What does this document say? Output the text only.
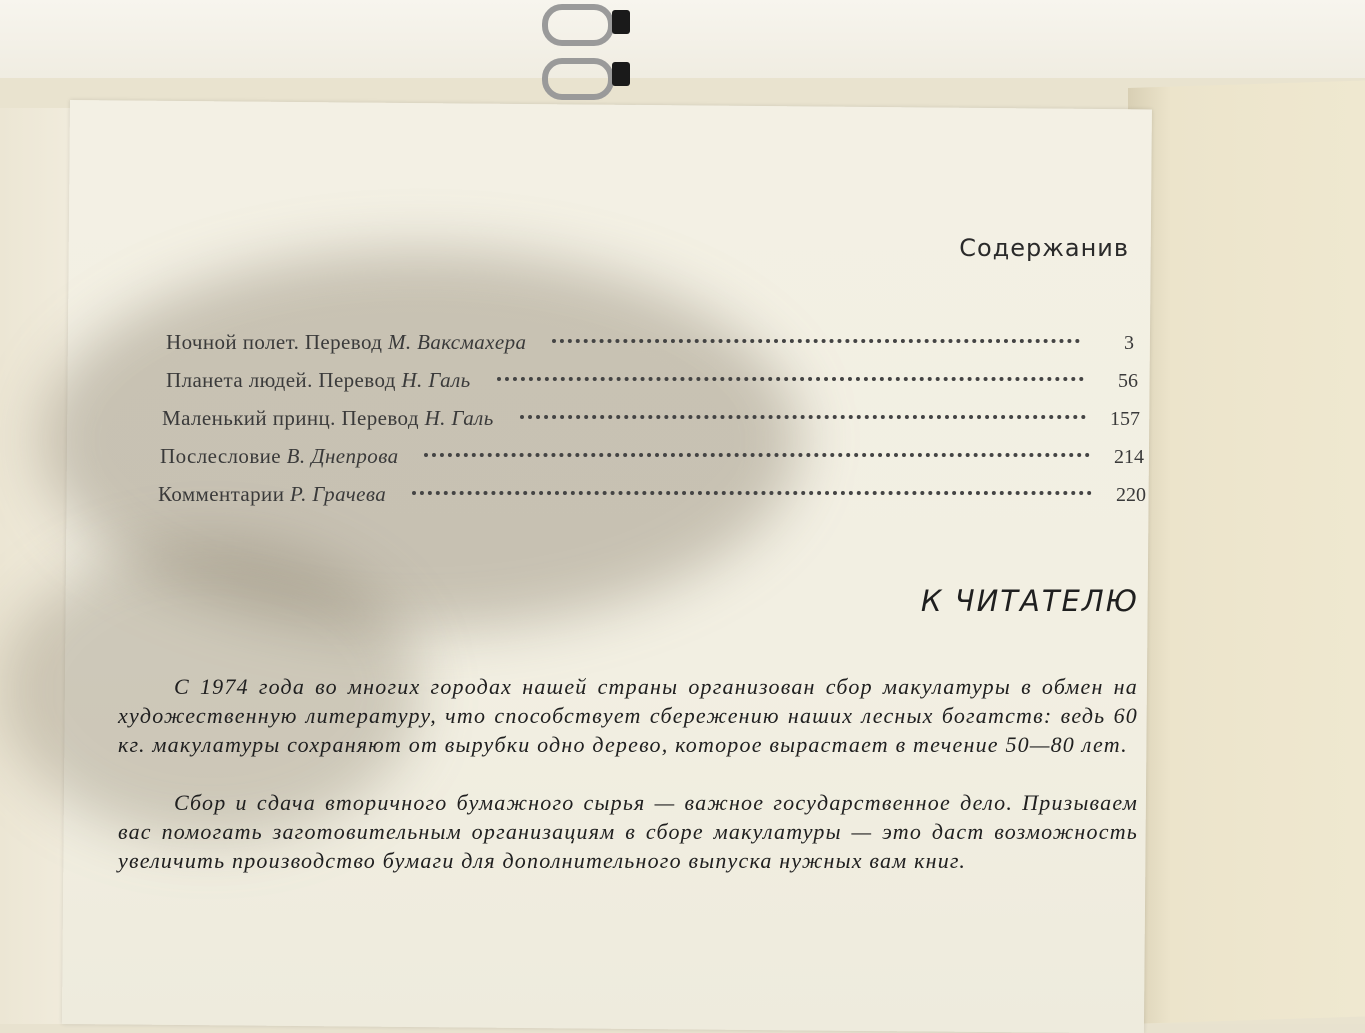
Содержанив
Ночной полет. Перевод М. Ваксмахера	3
Планета людей. Перевод Н. Галь	56
Маленький принц. Перевод Н. Галь	157
Послесловие В. Днепрова	214
Комментарии Р. Грачева	220
К ЧИТАТЕЛЮ
С 1974 года во многих городах нашей страны организован сбор макулатуры в обмен на художественную литературу, что способствует сбережению наших лесных богатств: ведь 60 кг. макулатуры сохраняют от вырубки одно дерево, которое вырастает в течение 50—80 лет.
Сбор и сдача вторичного бумажного сырья — важное государственное дело. Призываем вас помогать заготовительным организациям в сборе макулатуры — это даст возможность увеличить производство бумаги для дополнительного выпуска нужных вам книг.
